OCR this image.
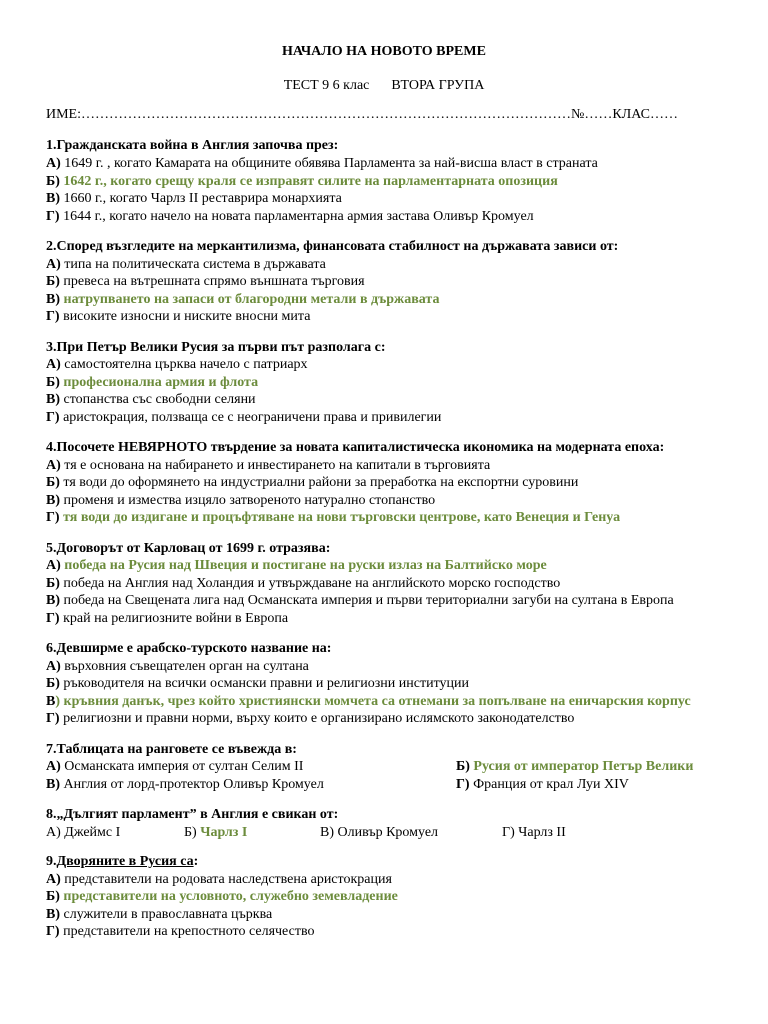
НАЧАЛО НА НОВОТО ВРЕМЕ
ТЕСТ 9 6 клас ВТОРА ГРУПА
ИМЕ:……………………………………………………………………………………………№……КЛАС……
1.Гражданската война в Англия започва през:
А) 1649 г. , когато Камарата на общините обявява Парламента за най-висша власт в страната
Б) 1642 г., когато срещу краля се изправят силите на парламентарната опозиция
В) 1660 г., когато Чарлз II реставрира монархията
Г) 1644 г., когато начело на новата парламентарна армия застава Оливър Кромуел
2.Според възгледите на меркантилизма, финансовата стабилност на държавата зависи от:
А) типа на политическата система в държавата
Б) превеса на вътрешната спрямо външната търговия
В) натрупването на запаси от благородни метали в държавата
Г) високите износни и ниските вносни мита
3.При Петър Велики Русия за първи път разполага с:
А) самостоятелна църква начело с патриарх
Б) професионална армия и флота
В) стопанства със свободни селяни
Г) аристокрация, ползваща се с неограничени права и привилегии
4.Посочете НЕВЯРНОТО твърдение за новата капиталистическа икономика на модерната епоха:
А) тя е основана на набирането и инвестирането на капитали в търговията
Б) тя води до оформянето на индустриални райони за преработка на експортни суровини
В) променя и измества изцяло затвореното натурално стопанство
Г) тя води до издигане и процъфтяване на нови търговски центрове, като Венеция и Генуа
5.Договорът от Карловац от 1699 г. отразява:
А) победа на Русия над Швеция и постигане на руски излаз на Балтийско море
Б) победа на Англия над Холандия и утвърждаване на английското морско господство
В) победа на Свещената лига над Османската империя и първи териториални загуби на султана в Европа
Г) край на религиозните войни в Европа
6.Девширме е арабско-турското название на:
А) върховния съвещателен орган на султана
Б) ръководителя на всички османски правни и религиозни институции
В) кръвния данък, чрез който християнски момчета са отнемани за попълване на еничарския корпус
Г) религиозни и правни норми, върху които е организирано ислямското законодателство
7.Таблицата на ранговете се въвежда в:
А) Османската империя от султан Селим II	Б) Русия от император Петър Велики
В) Англия от лорд-протектор Оливър Кромуел	Г) Франция от крал Луи XIV
8.„Дългият парламент” в Англия е свикан от:
А) Джеймс I	Б) Чарлз I	В) Оливър Кромуел	Г) Чарлз II
9.Дворяните в Русия са:
А) представители на родовата наследствена аристокрация
Б) представители на условното, служебно земевладение
В) служители в православната църква
Г) представители на крепостното селячество
